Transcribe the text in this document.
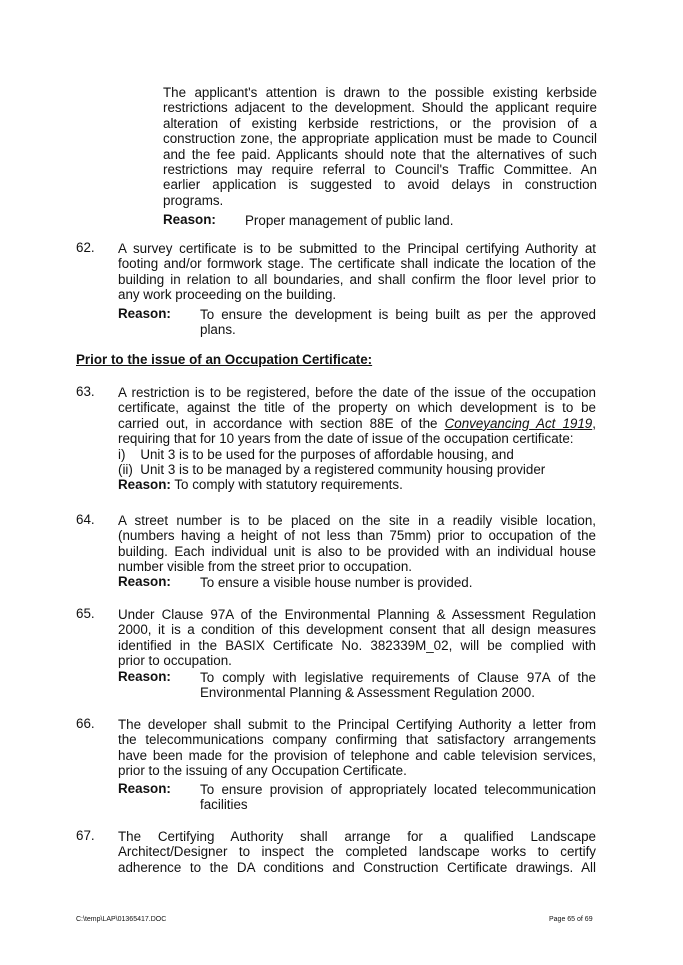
The applicant's attention is drawn to the possible existing kerbside
restrictions adjacent to the development. Should the applicant require
alteration of existing kerbside restrictions, or the provision of a
construction zone, the appropriate application must be made to Council
and the fee paid. Applicants should note that the alternatives of such
restrictions may require referral to Council's Traffic Committee. An
earlier application is suggested to avoid delays in construction
programs.
Reason: Proper management of public land.
62. A survey certificate is to be submitted to the Principal certifying Authority at
footing and/or formwork stage. The certificate shall indicate the location of the
building in relation to all boundaries, and shall confirm the floor level prior to
any work proceeding on the building.
Reason: To ensure the development is being built as per the approved
plans.
Prior to the issue of an Occupation Certificate:
63. A restriction is to be registered, before the date of the issue of the occupation
certificate, against the title of the property on which development is to be
carried out, in accordance with section 88E of the Conveyancing Act 1919,
requiring that for 10 years from the date of issue of the occupation certificate:
i)    Unit 3 is to be used for the purposes of affordable housing, and
(ii)  Unit 3 is to be managed by a registered community housing provider
Reason: To comply with statutory requirements.
64. A street number is to be placed on the site in a readily visible location,
(numbers having a height of not less than 75mm) prior to occupation of the
building. Each individual unit is also to be provided with an individual house
number visible from the street prior to occupation.
Reason: To ensure a visible house number is provided.
65. Under Clause 97A of the Environmental Planning & Assessment Regulation
2000, it is a condition of this development consent that all design measures
identified in the BASIX Certificate No. 382339M_02, will be complied with
prior to occupation.
Reason: To comply with legislative requirements of Clause 97A of the
Environmental Planning & Assessment Regulation 2000.
66. The developer shall submit to the Principal Certifying Authority a letter from
the telecommunications company confirming that satisfactory arrangements
have been made for the provision of telephone and cable television services,
prior to the issuing of any Occupation Certificate.
Reason: To ensure provision of appropriately located telecommunication
facilities
67. The Certifying Authority shall arrange for a qualified Landscape
Architect/Designer to inspect the completed landscape works to certify
adherence to the DA conditions and Construction Certificate drawings. All
C:\temp\LAP\01365417.DOC	Page 65 of 69
